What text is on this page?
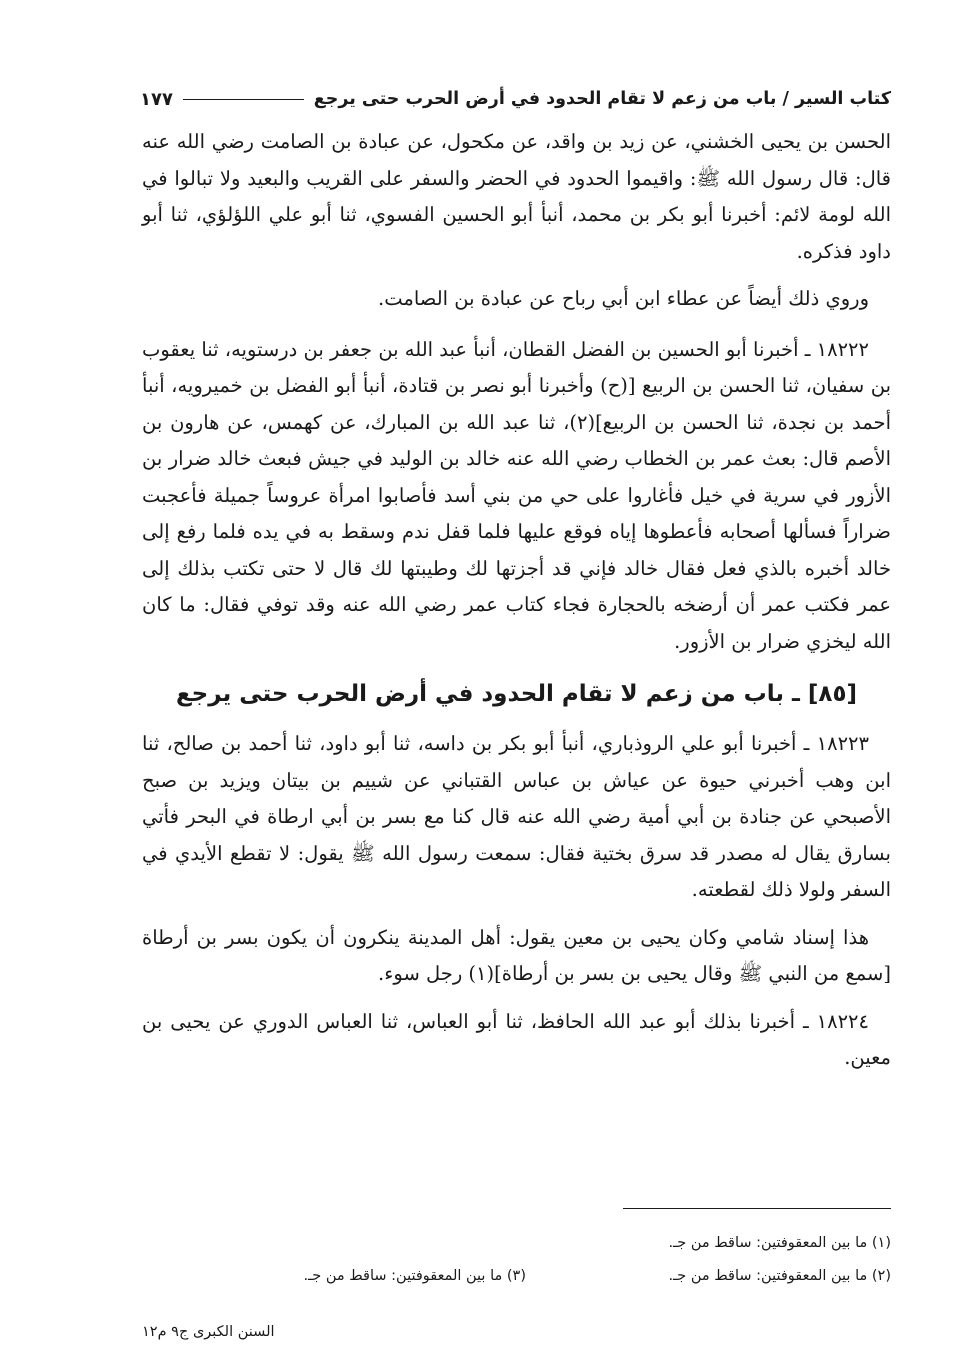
كتاب السير / باب من زعم لا تقام الحدود في أرض الحرب حتى يرجع
١٧٧

الحسن بن يحيى الخشني، عن زيد بن واقد، عن مكحول، عن عبادة بن الصامت رضي الله عنه قال: قال رسول الله ﷺ: واقيموا الحدود في الحضر والسفر على القريب والبعيد ولا تبالوا في الله لومة لائم: أخبرنا أبو بكر بن محمد، أنبأ أبو الحسين الفسوي، ثنا أبو علي اللؤلؤي، ثنا أبو داود فذكره.

وروي ذلك أيضاً عن عطاء ابن أبي رباح عن عبادة بن الصامت.

١٨٢٢٢ ـ أخبرنا أبو الحسين بن الفضل القطان، أنبأ عبد الله بن جعفر بن درستويه، ثنا يعقوب بن سفيان، ثنا الحسن بن الربيع [(ح) وأخبرنا أبو نصر بن قتادة، أنبأ أبو الفضل بن خميرويه، أنبأ أحمد بن نجدة، ثنا الحسن بن الربيع](٢)، ثنا عبد الله بن المبارك، عن كهمس، عن هارون بن الأصم قال: بعث عمر بن الخطاب رضي الله عنه خالد بن الوليد في جيش فبعث خالد ضرار بن الأزور في سرية في خيل فأغاروا على حي من بني أسد فأصابوا امرأة عروساً جميلة فأعجبت ضراراً فسألها أصحابه فأعطوها إياه فوقع عليها فلما قفل ندم وسقط به في يده فلما رفع إلى خالد أخبره بالذي فعل فقال خالد فإني قد أجزتها لك وطيبتها لك قال لا حتى تكتب بذلك إلى عمر فكتب عمر أن أرضخه بالحجارة فجاء كتاب عمر رضي الله عنه وقد توفي فقال: ما كان الله ليخزي ضرار بن الأزور.

[٨٥] ـ باب من زعم لا تقام الحدود في أرض الحرب حتى يرجع

١٨٢٢٣ ـ أخبرنا أبو علي الروذباري، أنبأ أبو بكر بن داسه، ثنا أبو داود، ثنا أحمد بن صالح، ثنا ابن وهب أخبرني حيوة عن عياش بن عباس القتباني عن شييم بن بيتان ويزيد بن صبح الأصبحي عن جنادة بن أبي أمية رضي الله عنه قال كنا مع بسر بن أبي ارطاة في البحر فأتي بسارق يقال له مصدر قد سرق بختية فقال: سمعت رسول الله ﷺ يقول: لا تقطع الأيدي في السفر ولولا ذلك لقطعته.

هذا إسناد شامي وكان يحيى بن معين يقول: أهل المدينة ينكرون أن يكون بسر بن أرطاة [سمع من النبي ﷺ وقال يحيى بن بسر بن أرطاة](١) رجل سوء.

١٨٢٢٤ ـ أخبرنا بذلك أبو عبد الله الحافظ، ثنا أبو العباس، ثنا العباس الدوري عن يحيى بن معين.

(١) ما بين المعقوفتين: ساقط من جـ.
(٢) ما بين المعقوفتين: ساقط من جـ.
(٣) ما بين المعقوفتين: ساقط من جـ.
السنن الكبرى ج٩ م١٢
